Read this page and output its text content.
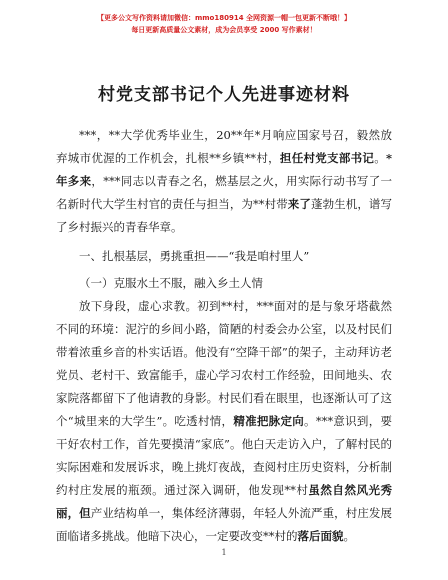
【更多公文写作资料请加微信：mmo180914 全网资源一帽一包更新不断哦！】
每日更新高质量公文素材，成为会员享受 2000 写作素材！
村党支部书记个人先进事迹材料

***，**大学优秀毕业生，20**年*月响应国家号召，毅然放弃城市优渥的工作机会，扎根**乡镇**村，担任村党支部书记。*年多来，***同志以青春之名，燃基层之火，用实际行动书写了一名新时代大学生村官的责任与担当，为**村带来了蓬勃生机，谱写了乡村振兴的青春华章。

一、扎根基层，勇挑重担——“我是咱村里人”

（一）克服水土不服，融入乡土人情

放下身段，虚心求教。初到**村，***面对的是与象牙塔截然不同的环境：泥泞的乡间小路，简陋的村委会办公室，以及村民们带着浓重乡音的朴实话语。他没有“空降干部”的架子，主动拜访老党员、老村干、致富能手，虚心学习农村工作经验，田间地头、农家院落都留下了他请教的身影。村民们看在眼里，也逐渐认可了这个“城里来的大学生”。吃透村情，精准把脉定向。***意识到，要干好农村工作，首先要摸清“家底”。他白天走访入户，了解村民的实际困难和发展诉求，晚上挑灯夜战，查阅村庄历史资料，分析制约村庄发展的瓶颈。通过深入调研，他发现**村虽然自然风光秀丽，但产业结构单一，集体经济薄弱，年轻人外流严重，村庄发展面临诸多挑战。他暗下决心，一定要改变**村的落后面貌。

1
